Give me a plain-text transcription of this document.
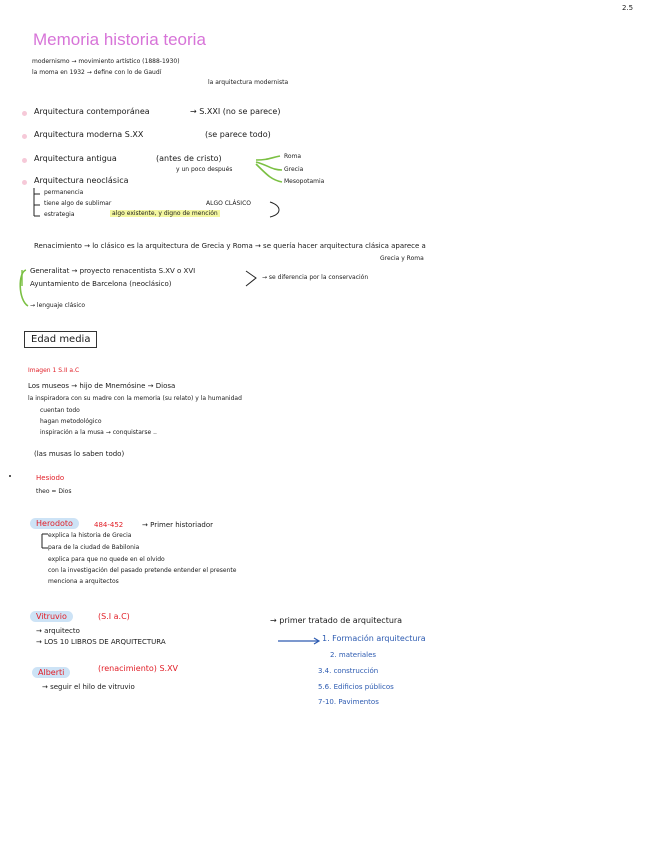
2.5
Memoria historia teoria
modernismo → movimiento artístico (1888-1930)
la moma en 1932 → define con lo de Gaudí
la arquitectura modernista
Arquitectura contemporánea	→ S.XXI (no se parece)
Arquitectura moderna S.XX	(se parece todo)
Arquitectura antigua	(antes de cristo)
y un poco después
Roma
Grecia
Mesopotamia
Arquitectura neoclásica
permanencia
tiene algo de sublimar	ALGO CLÁSICO
estrategia	algo existente, y digno de mención
Renacimiento → lo clásico es la arquitectura de Grecia y Roma → se quería hacer arquitectura clásica aparece a
Grecia y Roma
Generalitat → proyecto renacentista S.XV o XVI
Ayuntamiento de Barcelona (neoclásico)
→ se diferencia por la conservación
→ lenguaje clásico
Edad media
Imagen 1 S.II a.C
Los museos → hijo de Mnemósine → Diosa
la inspiradora con su madre con la memoria (su relato) y la humanidad
cuentan todo
hagan metodológico
inspiración a la musa → conquistarse ..
(las musas lo saben todo)
Hesiodo
theo = Dios
Herodoto	484-452	→ Primer historiador
explica la historia de Grecia
para de la ciudad de Babilonia
explica para que no quede en el olvido
con la investigación del pasado pretende entender el presente
menciona a arquitectos
Vitruvio	(S.I a.C)
→ arquitecto
→ LOS 10 LIBROS DE ARQUITECTURA
→ primer tratado de arquitectura
1. Formación arquitectura
2. materiales
3.4. construcción
5.6. Edificios públicos
7-10. Pavimentos
Alberti	(renacimiento) S.XV
→ seguir el hilo de vitruvio
